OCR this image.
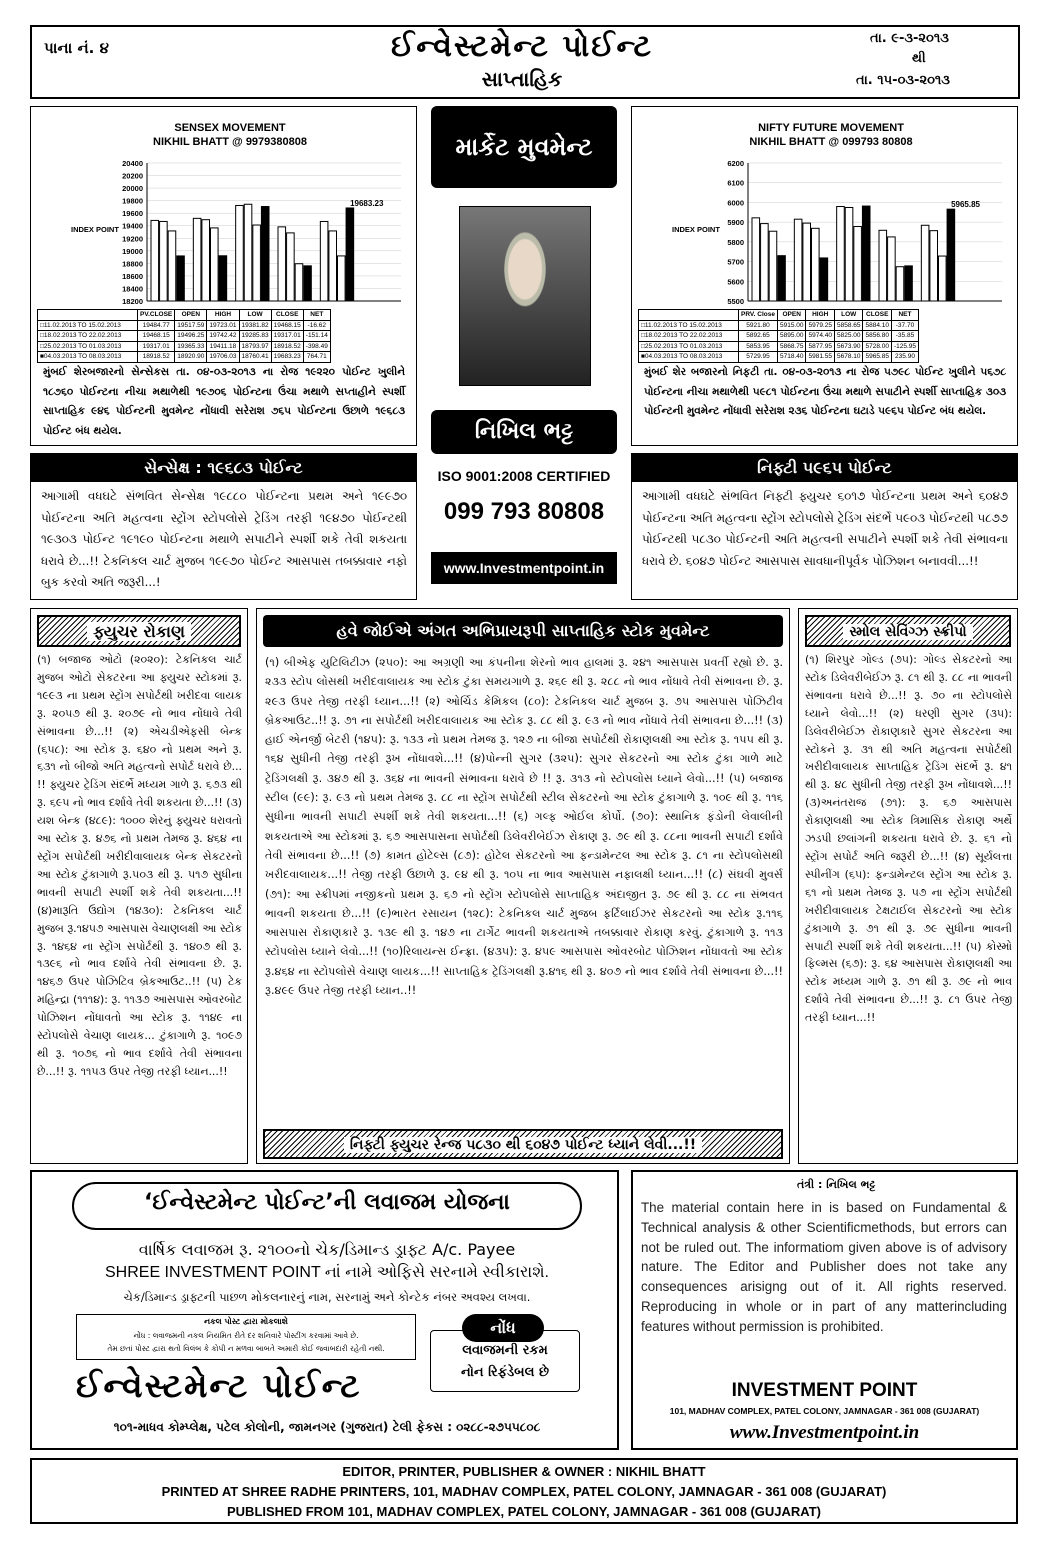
પાના નં. ૪	ઈન્વેસ્ટમેન્ટ પોઈન્ટ
સાપ્તાહિક
તા. ૯-૩-૨૦૧૩
થી
તા. ૧૫-૦૩-૨૦૧૩
SENSEX MOVEMENT
NIKHIL BHATT @ 9979380808
20400
20200
20000
19800
19600
19400
19200
19000
18800
18600
18400
18200
INDEX POINT
19683.23
	PV.CLOSE	OPEN	HIGH	LOW	CLOSE	NET
□11.02.2013 TO 15.02.2013	19484.77	19517.59	19723.01	19381.82	19468.15	-16.62
□18.02.2013 TO 22.02.2013	19468.15	19496.25	19742.42	19285.83	19317.01	-151.14
□25.02.2013 TO 01.03.2013	19317.01	19365.33	19411.18	18793.97	18918.52	-398.49
■04.03.2013 TO 08.03.2013	18918.52	18920.90	19706.03	18760.41	19683.23	764.71
મુંબઈ શેરબજારનો સેન્સેકસ તા. ૦૪-૦૩-૨૦૧૩ ના રોજ ૧૯૨૨૦ પોઈન્ટ ખુલીને ૧૮૭૬૦ પોઈન્ટના નીચા મથાળેથી ૧૯૭૦૬ પોઈન્ટના ઉંચા મથાળે સપ્તાહીને સ્પર્શી સાપ્તાહિક ૯૪૬ પોઈન્ટની મુવમેન્ટ નોંધાવી સરેરાશ ૭૬૫ પોઈન્ટના ઉછાળે ૧૯૬૮૩ પોઈન્ટ બંધ થયેલ.
NIFTY FUTURE MOVEMENT
NIKHIL BHATT @ 099793 80808
6200
6100
6000
5900
5800
5700
5600
5500
INDEX POINT
5965.85
	PRV. Close	OPEN	HIGH	LOW	CLOSE	NET
□11.02.2013 TO 15.02.2013	5921.80	5915.00	5979.25	5858.65	5884.10	-37.70
□18.02.2013 TO 22.02.2013	5892.65	5895.00	5974.40	5825.00	5856.80	-35.85
□25.02.2013 TO 01.03.2013	5853.95	5868.75	5877.95	5673.90	5728.00	-125.95
■04.03.2013 TO 08.03.2013	5729.95	5718.40	5981.55	5678.10	5965.85	235.90
મુંબઈ શેર બજારનો નિફટી તા. ૦૪-૦૩-૨૦૧૩ ના રોજ ૫૭૯૮ પોઈન્ટ ખુલીને ૫૬૭૮ પોઈન્ટના નીચા મથાળેથી ૫૯૮૧ પોઈન્ટના ઉંચા મથાળે સપાટીને સ્પર્શી સાપ્તાહિક ૩૦૩ પોઈન્ટની મુવમેન્ટ નોંધાવી સરેરાશ ૨૩૬ પોઈન્ટના ઘટાડે ૫૯૬૫ પોઈન્ટ બંધ થયેલ.
માર્કેટ મુવમેન્ટ
નિખિલ ભટ્ટ
ISO 9001:2008 CERTIFIED
099 793 80808
www.Investmentpoint.in
સેન્સેક્ષ : ૧૯૬૮૩ પોઈન્ટ
આગામી વધઘટે સંભવિત સેન્સેક્ષ ૧૯૮૮૦ પોઈન્ટના પ્રથમ અને ૧૯૯૭૦ પોઈન્ટના અતિ મહત્વના સ્ટ્રોંગ સ્ટોપલોસે ટ્રેડિંગ તરફી ૧૯૪૭૦ પોઈન્ટથી ૧૯૩૦૩ પોઈન્ટ ૧૯૧૯૦ પોઈન્ટના મથાળે સપાટીને સ્પર્શી શકે તેવી શકયતા ધરાવે છે...!! ટેકનિકલ ચાર્ટ મુજબ ૧૯૯૭૦ પોઈન્ટ આસપાસ તબક્કાવાર નફો બુક કરવો અતિ જરૂરી...!
નિફ્ટી ૫૯૬૫ પોઈન્ટ
આગામી વધઘટે સંભવિત નિફ્ટી ફ્યુચર ૬૦૧૭ પોઈન્ટના પ્રથમ અને ૬૦૪૭ પોઈન્ટના અતિ મહત્વના સ્ટ્રોંગ સ્ટોપલોસે ટ્રેડિંગ સંદર્ભે ૫૯૦૩ પોઈન્ટથી ૫૮૭૭ પોઈન્ટથી ૫૮૩૦ પોઈન્ટની અતિ મહત્વની સપાટીને સ્પર્શી શકે તેવી સંભાવના ધરાવે છે. ૬૦૪૭ પોઈન્ટ આસપાસ સાવધાનીપૂર્વક પોઝિશન બનાવવી...!!
ફ્યુચર રોકાણ
(૧) બજાજ ઓટો (૨૦૨૦): ટેકનિકલ ચાર્ટ મુજબ ઓટો સેકટરના આ ફ્યુચર સ્ટોકમાં રૂ. ૧૯૯૩ ના પ્રથમ સ્ટ્રોંગ સપોર્ટથી ખરીદવા લાયક રૂ. ૨૦૫૭ થી રૂ. ૨૦૭૯ નો ભાવ નોંધાવે તેવી સંભાવના છે...!! (૨) એચડીએફસી બેન્ક (૬૫૮): આ સ્ટોક રૂ. ૬૪૦ નો પ્રથમ અને રૂ. ૬૩૧ નો બીજો અતિ મહત્વનો સપોર્ટ ધરાવે છે... !! ફ્યુચર ટ્રેડિંગ સંદર્ભે મધ્યમ ગાળે રૂ. ૬૭૩ થી રૂ. ૬૯૫ નો ભાવ દર્શાવે તેવી શકયતા છે...!! (૩) યશ બેન્ક (૪૮૯): ૧૦૦૦ શેરનું ફ્યુચર ધરાવતો આ સ્ટોક રૂ. ૪૭૬ નો પ્રથમ તેમજ રૂ. ૪૬૪ ના સ્ટ્રોંગ સપોર્ટથી ખરીદીવાલાયક બેન્ક સેકટરનો આ સ્ટોક ટુંકાગાળે રૂ.૫૦૩ થી રૂ. ૫૧૭ સુધીના ભાવની સપાટી સ્પર્શી શકે તેવી શકયતા...!! (૪)મારૂતિ ઉદ્યોગ (૧૪૩૦): ટેકનિકલ ચાર્ટ મુજબ રૂ.૧૪૫૭ આસપાસ વેચાણલક્ષી આ સ્ટોક રૂ. ૧૪૬૪ ના સ્ટ્રોંગ સપોર્ટથી રૂ. ૧૪૦૭ થી રૂ. ૧૩૯૬ નો ભાવ દર્શાવે તેવી સંભાવના છે. રૂ. ૧૪૬૭ ઉપર પોઝિટિવ બ્રેકઆઉટ..!! (૫) ટેક મહિન્દ્રા (૧૧૧૪): રૂ. ૧૧૩૭ આસપાસ ઓવરબોટ પોઝિશન નોંધાવતો આ સ્ટોક રૂ. ૧૧૪૯ ના સ્ટોપલોસે વેચાણ લાયક... ટુંકાગાળે રૂ. ૧૦૯૭ થી રૂ. ૧૦૭૬ નો ભાવ દર્શાવે તેવી સંભાવના છે...!! રૂ. ૧૧૫૩ ઉપર તેજી તરફી ધ્યાન...!!
હવે જોઈએ અંગત અભિપ્રાયરૂપી સાપ્તાહિક સ્ટોક મુવમેન્ટ
(૧) બીએફ યુટિલિટીઝ (૨૫૦): આ અગ્રણી આ કંપનીના શેરનો ભાવ હાલમાં રૂ. ૨૪૧ આસપાસ પ્રવર્તી રહ્યો છે. રૂ. ૨૩૩ સ્ટોપ લોસથી ખરીદવાલાયક આ સ્ટોક ટુંકા સમયગાળે રૂ. ૨૬૯ થી રૂ. ૨૮૮ નો ભાવ નોંધાવે તેવી સંભાવના છે. રૂ. ૨૯૩ ઉપર તેજી તરફી ધ્યાન...!! (૨) ઓર્ચિડ કેમિકલ (૮૦): ટેકનિકલ ચાર્ટ મુજબ રૂ. ૭૫ આસપાસ પોઝિટીવ બ્રેકઆઉટ..!! રૂ. ૭૧ ના સપોર્ટથી ખરીદવાલાયક આ સ્ટોક રૂ. ૮૮ થી રૂ. ૯૩ નો ભાવ નોંધાવે તેવી સંભાવના છે...!! (૩) હાઈ એનર્જી બેટરી (૧૪૫): રૂ. ૧૩૩ નો પ્રથમ તેમજ રૂ. ૧૨૭ ના બીજા સપોર્ટથી રોકાણલક્ષી આ સ્ટોક રૂ. ૧૫૫ થી રૂ. ૧૬૪ સુધીની તેજી તરફી રૂખ નોંધાવશે...!! (૪)પોન્ની સુગર (૩૨૫): સુગર સેકટરનો આ સ્ટોક ટુંકા ગાળે માટે ટ્રેડિંગલક્ષી રૂ. ૩૪૭ થી રૂ. ૩૬૪ ના ભાવની સંભાવના ધરાવે છે !! રૂ. ૩૧૩ નો સ્ટોપલોસ ધ્યાને લેવો...!! (૫) બજાજ સ્ટીલ (૯૯): રૂ. ૯૩ નો પ્રથમ તેમજ રૂ. ૮૮ ના સ્ટ્રોંગ સપોર્ટથી સ્ટીલ સેકટરનો આ સ્ટોક ટુંકાગાળે રૂ. ૧૦૯ થી રૂ. ૧૧૬ સુધીના ભાવની સપાટી સ્પર્શી શકે તેવી શકયતા...!! (૬) ગલ્ફ ઓઈલ કોર્પો. (૭૦): સ્થાનિક ફંડોની લેવાલીની શકયતાએ આ સ્ટોકમાં રૂ. ૬૭ આસપાસના સપોર્ટથી ડિલેવરીબેઈઝ રોકાણ રૂ. ૭૯ થી રૂ. ૮૮ના ભાવની સપાટી દર્શાવે તેવી સંભાવના છે...!! (૭) કામત હોટેલ્સ (૮૭): હોટેલ સેકટરનો આ ફન્ડામેન્ટલ આ સ્ટોક રૂ. ૮૧ ના સ્ટોપલોસથી ખરીદવાલાયક...!! તેજી તરફી ઉછાળે રૂ. ૯૪ થી રૂ. ૧૦૫ ના ભાવ આસપાસ નફાલક્ષી ધ્યાન...!! (૮) સંઘવી મુવર્સ (૭૧): આ સ્ક્રીપમાં નજીકનો પ્રથમ રૂ. ૬૭ નો સ્ટ્રોંગ સ્ટોપલોસે સાપ્તાહિક અંદાજીત રૂ. ૭૯ થી રૂ. ૮૮ ના સંભવત ભાવની શકયતા છે...!! (૯)ભારત રસાયન (૧૨૮): ટેકનિકલ ચાર્ટ મુજબ ફર્ટિલાઈઝર સેકટરનો આ સ્ટોક રૂ.૧૧૬ આસપાસ રોકાણકારે રૂ. ૧૩૯ થી રૂ. ૧૪૭ ના ટાર્ગેટ ભાવની શકયતાએ તબક્કાવાર રોકાણ કરવું. ટુંકાગાળે રૂ. ૧૧૩ સ્ટોપલોસ ધ્યાને લેવો...!! (૧૦)રિલાયન્સ ઈન્ફ્રા. (૪૩૫): રૂ. ૪૫૯ આસપાસ ઓવરબોટ પોઝિશન નોંધાવતો આ સ્ટોક રૂ.૪૬૪ ના સ્ટોપલોસે વેચાણ લાયક...!! સાપ્તાહિક ટ્રેડિંગલક્ષી રૂ.૪૧૬ થી રૂ. ૪૦૭ નો ભાવ દર્શાવે તેવી સંભાવના છે...!! રૂ.૪૯૯ ઉપર તેજી તરફી ધ્યાન..!!
નિફ્ટી ફ્યુચર રેન્જ ૫૮૩૦ થી ૬૦૪૭ પોઈન્ટ ધ્યાને લેવી...!!
સ્મોલ સેવિંગ્ઝ સ્ક્રીપો
(૧) શિરપુર ગોલ્ડ (૭૫): ગોલ્ડ સેકટરનો આ સ્ટોક ડિલેવરીબેઈઝ રૂ. ૮૧ થી રૂ. ૮૮ ના ભાવની સંભાવના ધરાવે છે...!! રૂ. ૭૦ ના સ્ટોપલોસે ધ્યાને લેવો...!! (૨) ધરણી સુગર (૩૫): ડિલેવરીબેઈઝ રોકાણકારે સુગર સેકટરના આ સ્ટોકને રૂ. ૩૧ થી અતિ મહત્વના સપોર્ટથી ખરીદીવાલાયક સાપ્તાહિક ટ્રેડિંગ સંદર્ભે રૂ. ૪૧ થી રૂ. ૪૮ સુધીની તેજી તરફી રૂખ નોંધાવશે...!! (૩)અનંતરાજ (૭૧): રૂ. ૬૭ આસપાસ રોકાણલક્ષી આ સ્ટોક ત્રિમાસિક રોકાણ અર્થે ઝડપી છલાંગની શકયતા ધરાવે છે. રૂ. ૬૧ નો સ્ટ્રોંગ સપોર્ટ અતિ જરૂરી છે...!! (૪) સૂર્યલત્તા સ્પીનીંગ (૬૫): ફન્ડામેન્ટલ સ્ટ્રોંગ આ સ્ટોક રૂ. ૬૧ નો પ્રથમ તેમજ રૂ. ૫૭ ના સ્ટ્રોંગ સપોર્ટથી ખરીદીવાલાયક ટેક્ષટાઈલ સેકટરનો આ સ્ટોક ટુંકાગાળે રૂ. ૭૧ થી રૂ. ૭૯ સુધીના ભાવની સપાટી સ્પર્શી શકે તેવી શકયતા...!! (૫) કોસ્મો ફિલ્મસ (૬૭): રૂ. ૬૪ આસપાસ રોકાણલક્ષી આ સ્ટોક મધ્યમ ગાળે રૂ. ૭૧ થી રૂ. ૭૯ નો ભાવ દર્શાવે તેવી સંભાવના છે...!! રૂ. ૮૧ ઉપર તેજી તરફી ધ્યાન...!!
‘ઈન્વેસ્ટમેન્ટ પોઈન્ટ’ની લવાજમ યોજના
વાર્ષિક લવાજમ રૂ. ૨૧૦૦નો ચેક/ડિમાન્ડ ડ્રાફ્ટ A/c. Payee
SHREE INVESTMENT POINT નાં નામે ઓફિસે સરનામે સ્વીકારાશે.
ચેક/ડિમાન્ડ ડ્રાફ્ટની પાછળ મોકલનારનું નામ, સરનામું અને કોન્ટેક નંબર અવશ્ય લખવા.
નકલ પોસ્ટ દ્વારા મોકલાશે
નોંધ : લવાજમની નકલ નિયમિત રીતે દર શનિવારે પોસ્ટીંગ કરવામાં આવે છે.
તેમ છતાં પોસ્ટ દ્વારા થતો વિલંબ કે કોપી ન મળવા બાબતે અમારી કોઈ જવાબદારી રહેતી નથી.	લવાજમની રકમ
નોન રિફંડેબલ છે
નોંધ
ઈન્વેસ્ટમેન્ટ પોઈન્ટ
૧૦૧-માધવ કોમ્પ્લેક્ષ, પટેલ કોલોની, જામનગર (ગુજરાત) ટેલી ફેકસ : ૦૨૮૮-૨૭૫૫૮૦૮
તંત્રી : નિખિલ ભટ્ટ
The material contain here in is based on Fundamental & Technical analysis & other Scientificmethods, but errors can not be ruled out. The informatiom given above is of advisory nature. The Editor and Publisher does not take any consequences arisigng out of it. All rights reserved. Reproducing in whole or in part of any matterincluding features without permission is prohibited.
INVESTMENT POINT
101, MADHAV COMPLEX, PATEL COLONY, JAMNAGAR - 361 008 (GUJARAT)
www.Investmentpoint.in
EDITOR, PRINTER, PUBLISHER & OWNER : NIKHIL BHATT
PRINTED AT SHREE RADHE PRINTERS, 101, MADHAV COMPLEX, PATEL COLONY, JAMNAGAR - 361 008 (GUJARAT)
PUBLISHED FROM 101, MADHAV COMPLEX, PATEL COLONY, JAMNAGAR - 361 008 (GUJARAT)
